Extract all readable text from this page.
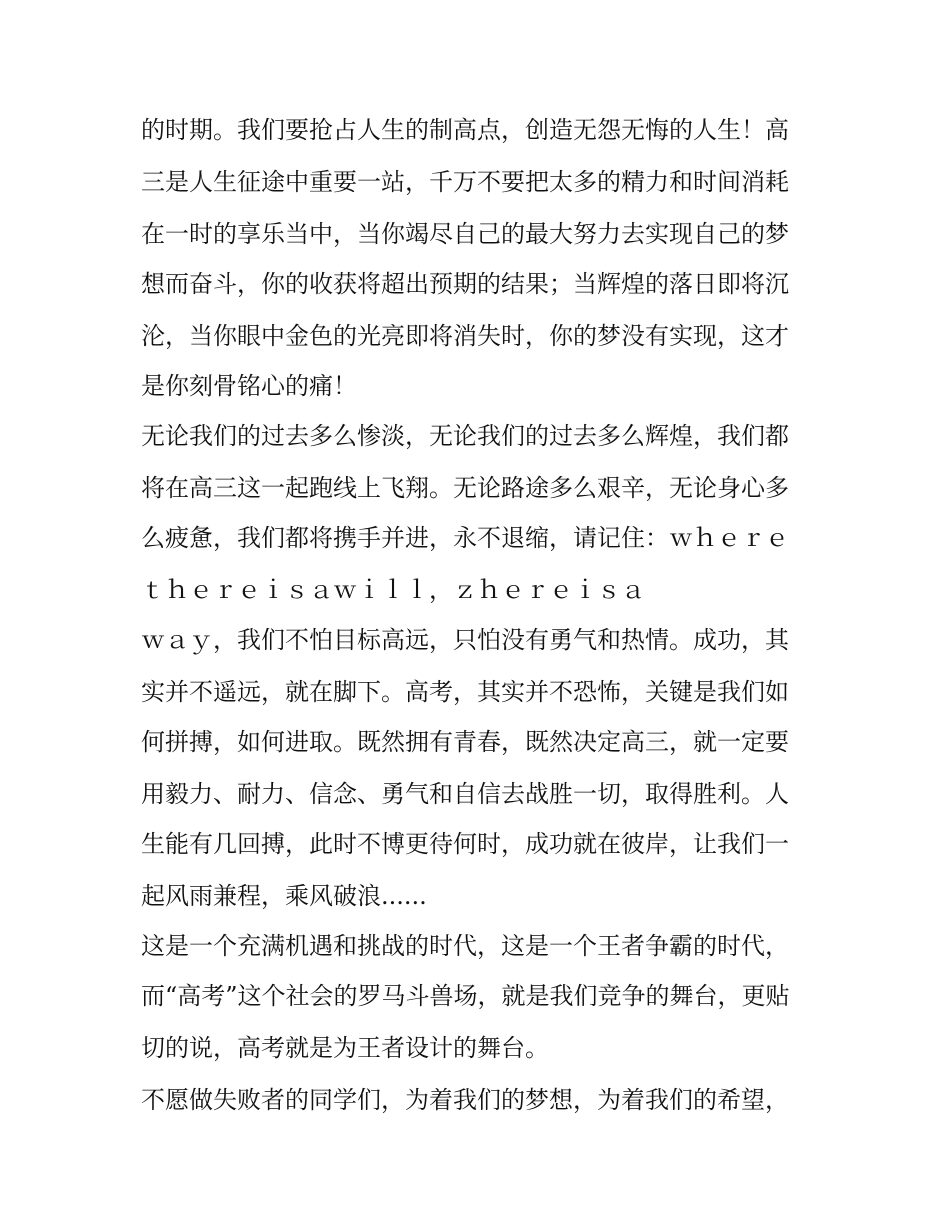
的时期。我们要抢占人生的制高点，创造无怨无悔的人生！高
三是人生征途中重要一站，千万不要把太多的精力和时间消耗
在一时的享乐当中，当你竭尽自己的最大努力去实现自己的梦
想而奋斗，你的收获将超出预期的结果；当辉煌的落日即将沉
沦，当你眼中金色的光亮即将消失时，你的梦没有实现，这才
是你刻骨铭心的痛！
无论我们的过去多么惨淡，无论我们的过去多么辉煌，我们都
将在高三这一起跑线上飞翔。无论路途多么艰辛，无论身心多
么疲惫，我们都将携手并进，永不退缩，请记住：ｗｈｅｒｅ
ｔｈｅｒｅｉｓａｗｉｌｌ，ｚｈｅｒｅｉｓａ
ｗａｙ，我们不怕目标高远，只怕没有勇气和热情。成功，其
实并不遥远，就在脚下。高考，其实并不恐怖，关键是我们如
何拼搏，如何进取。既然拥有青春，既然决定高三，就一定要
用毅力、耐力、信念、勇气和自信去战胜一切，取得胜利。人
生能有几回搏，此时不博更待何时，成功就在彼岸，让我们一
起风雨兼程，乘风破浪......
这是一个充满机遇和挑战的时代，这是一个王者争霸的时代，
而“高考”这个社会的罗马斗兽场，就是我们竞争的舞台，更贴
切的说，高考就是为王者设计的舞台。
不愿做失败者的同学们，为着我们的梦想，为着我们的希望，
